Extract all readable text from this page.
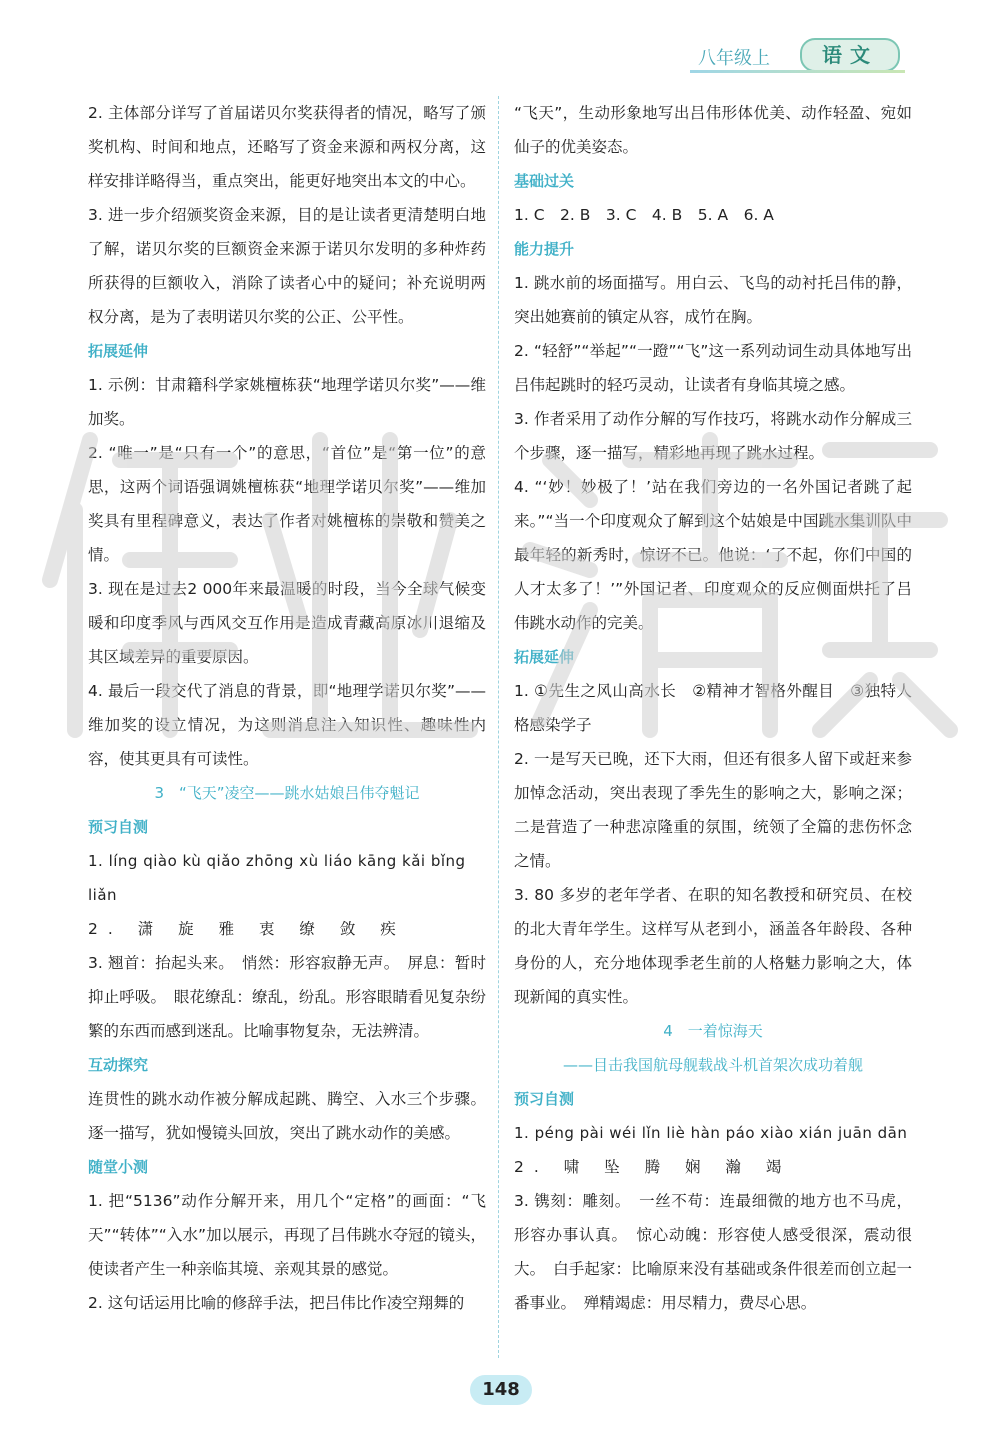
八年级上	语文

2. 主体部分详写了首届诺贝尔奖获得者的情况，略写了颁奖机构、时间和地点，还略写了资金来源和两权分离，这样安排详略得当，重点突出，能更好地突出本文的中心。

3. 进一步介绍颁奖资金来源，目的是让读者更清楚明白地了解，诺贝尔奖的巨额资金来源于诺贝尔发明的多种炸药所获得的巨额收入，消除了读者心中的疑问；补充说明两权分离，是为了表明诺贝尔奖的公正、公平性。

拓展延伸

1. 示例：甘肃籍科学家姚檀栋获“地理学诺贝尔奖”——维加奖。

2. “唯一”是“只有一个”的意思，“首位”是“第一位”的意思，这两个词语强调姚檀栋获“地理学诺贝尔奖”——维加奖具有里程碑意义，表达了作者对姚檀栋的崇敬和赞美之情。

3. 现在是过去2 000年来最温暖的时段，当今全球气候变暖和印度季风与西风交互作用是造成青藏高原冰川退缩及其区域差异的重要原因。

4. 最后一段交代了消息的背景，即“地理学诺贝尔奖”——维加奖的设立情况，为这则消息注入知识性、趣味性内容，使其更具有可读性。

3　“飞天”凌空——跳水姑娘吕伟夺魁记

预习自测

1. líng qiào kù qiǎo zhōng xù liáo kāng kǎi bǐng liǎn

2. 潇 旋 雅 衷 缭 敛 疾

3. 翘首：抬起头来。　悄然：形容寂静无声。　屏息：暂时抑止呼吸。　眼花缭乱：缭乱，纷乱。形容眼睛看见复杂纷繁的东西而感到迷乱。比喻事物复杂，无法辨清。

互动探究

连贯性的跳水动作被分解成起跳、腾空、入水三个步骤。逐一描写，犹如慢镜头回放，突出了跳水动作的美感。

随堂小测

1. 把“5136”动作分解开来，用几个“定格”的画面：“飞天”“转体”“入水”加以展示，再现了吕伟跳水夺冠的镜头，使读者产生一种亲临其境、亲观其景的感觉。

2. 这句话运用比喻的修辞手法，把吕伟比作凌空翔舞的

“飞天”，生动形象地写出吕伟形体优美、动作轻盈、宛如仙子的优美姿态。

基础过关

1. C　2. B　3. C　4. B　5. A　6. A

能力提升

1. 跳水前的场面描写。用白云、飞鸟的动衬托吕伟的静，突出她赛前的镇定从容，成竹在胸。

2. “轻舒”“举起”“一蹬”“飞”这一系列动词生动具体地写出吕伟起跳时的轻巧灵动，让读者有身临其境之感。

3. 作者采用了动作分解的写作技巧，将跳水动作分解成三个步骤，逐一描写，精彩地再现了跳水过程。

4. “‘妙！妙极了！’站在我们旁边的一名外国记者跳了起来。”“当一个印度观众了解到这个姑娘是中国跳水集训队中最年轻的新秀时，惊讶不已。他说：‘了不起，你们中国的人才太多了！’”外国记者、印度观众的反应侧面烘托了吕伟跳水动作的完美。

拓展延伸

1. ①先生之风山高水长　②精神才智格外醒目　③独特人格感染学子

2. 一是写天已晚，还下大雨，但还有很多人留下或赶来参加悼念活动，突出表现了季先生的影响之大，影响之深；二是营造了一种悲凉隆重的氛围，统领了全篇的悲伤怀念之情。

3. 80 多岁的老年学者、在职的知名教授和研究员、在校的北大青年学生。这样写从老到小，涵盖各年龄段、各种身份的人，充分地体现季老生前的人格魅力影响之大，体现新闻的真实性。

4　一着惊海天

——目击我国航母舰载战斗机首架次成功着舰

预习自测

1. péng pài wéi lǐn liè hàn páo xiào xián juān dān

2. 啸 坠 腾 娴 瀚 竭

3. 镌刻：雕刻。　一丝不苟：连最细微的地方也不马虎，形容办事认真。　惊心动魄：形容使人感受很深，震动很大。　白手起家：比喻原来没有基础或条件很差而创立起一番事业。　殚精竭虑：用尽精力，费尽心思。

148
